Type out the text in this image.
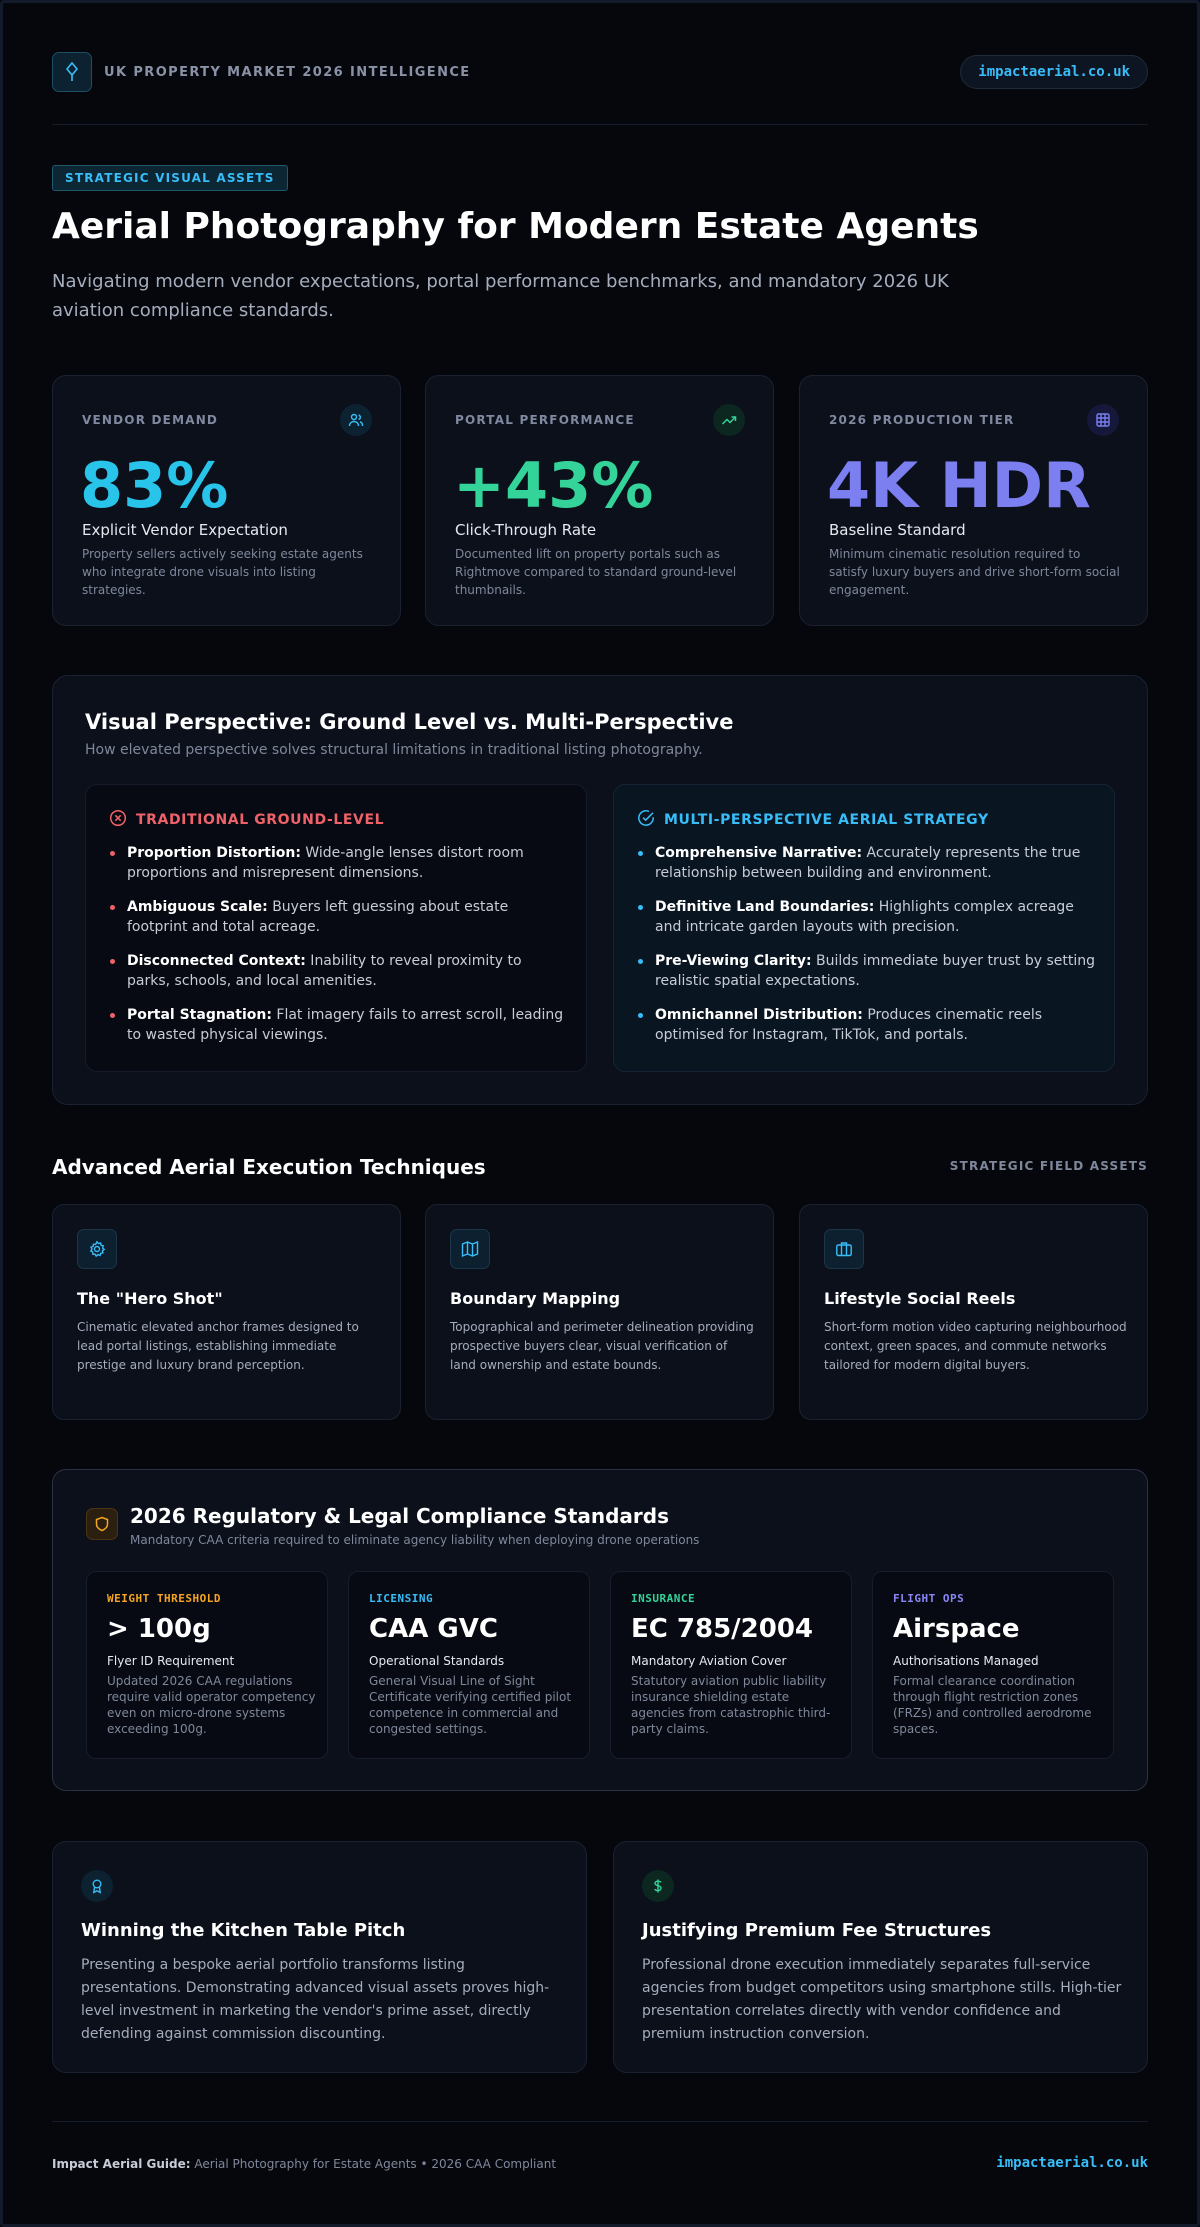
UK PROPERTY MARKET 2026 INTELLIGENCE	impactaerial.co.uk
STRATEGIC VISUAL ASSETS
Aerial Photography for Modern Estate Agents
Navigating modern vendor expectations, portal performance benchmarks, and mandatory 2026 UK aviation compliance standards.
VENDOR DEMAND
83%
Explicit Vendor Expectation
Property sellers actively seeking estate agents who integrate drone visuals into listing strategies.
PORTAL PERFORMANCE
+43%
Click-Through Rate
Documented lift on property portals such as Rightmove compared to standard ground-level thumbnails.
2026 PRODUCTION TIER
4K HDR
Baseline Standard
Minimum cinematic resolution required to satisfy luxury buyers and drive short-form social engagement.
Visual Perspective: Ground Level vs. Multi-Perspective
How elevated perspective solves structural limitations in traditional listing photography.
TRADITIONAL GROUND-LEVEL
Proportion Distortion: Wide-angle lenses distort room proportions and misrepresent dimensions.
Ambiguous Scale: Buyers left guessing about estate footprint and total acreage.
Disconnected Context: Inability to reveal proximity to parks, schools, and local amenities.
Portal Stagnation: Flat imagery fails to arrest scroll, leading to wasted physical viewings.
MULTI-PERSPECTIVE AERIAL STRATEGY
Comprehensive Narrative: Accurately represents the true relationship between building and environment.
Definitive Land Boundaries: Highlights complex acreage and intricate garden layouts with precision.
Pre-Viewing Clarity: Builds immediate buyer trust by setting realistic spatial expectations.
Omnichannel Distribution: Produces cinematic reels optimised for Instagram, TikTok, and portals.
Advanced Aerial Execution Techniques	STRATEGIC FIELD ASSETS
The "Hero Shot"
Cinematic elevated anchor frames designed to lead portal listings, establishing immediate prestige and luxury brand perception.
Boundary Mapping
Topographical and perimeter delineation providing prospective buyers clear, visual verification of land ownership and estate bounds.
Lifestyle Social Reels
Short-form motion video capturing neighbourhood context, green spaces, and commute networks tailored for modern digital buyers.
2026 Regulatory & Legal Compliance Standards
Mandatory CAA criteria required to eliminate agency liability when deploying drone operations
WEIGHT THRESHOLD
> 100g
Flyer ID Requirement
Updated 2026 CAA regulations require valid operator competency even on micro-drone systems exceeding 100g.
LICENSING
CAA GVC
Operational Standards
General Visual Line of Sight Certificate verifying certified pilot competence in commercial and congested settings.
INSURANCE
EC 785/2004
Mandatory Aviation Cover
Statutory aviation public liability insurance shielding estate agencies from catastrophic third-party claims.
FLIGHT OPS
Airspace
Authorisations Managed
Formal clearance coordination through flight restriction zones (FRZs) and controlled aerodrome spaces.
Winning the Kitchen Table Pitch
Presenting a bespoke aerial portfolio transforms listing presentations. Demonstrating advanced visual assets proves high-level investment in marketing the vendor's prime asset, directly defending against commission discounting.
Justifying Premium Fee Structures
Professional drone execution immediately separates full-service agencies from budget competitors using smartphone stills. High-tier presentation correlates directly with vendor confidence and premium instruction conversion.
Impact Aerial Guide: Aerial Photography for Estate Agents • 2026 CAA Compliant	impactaerial.co.uk
